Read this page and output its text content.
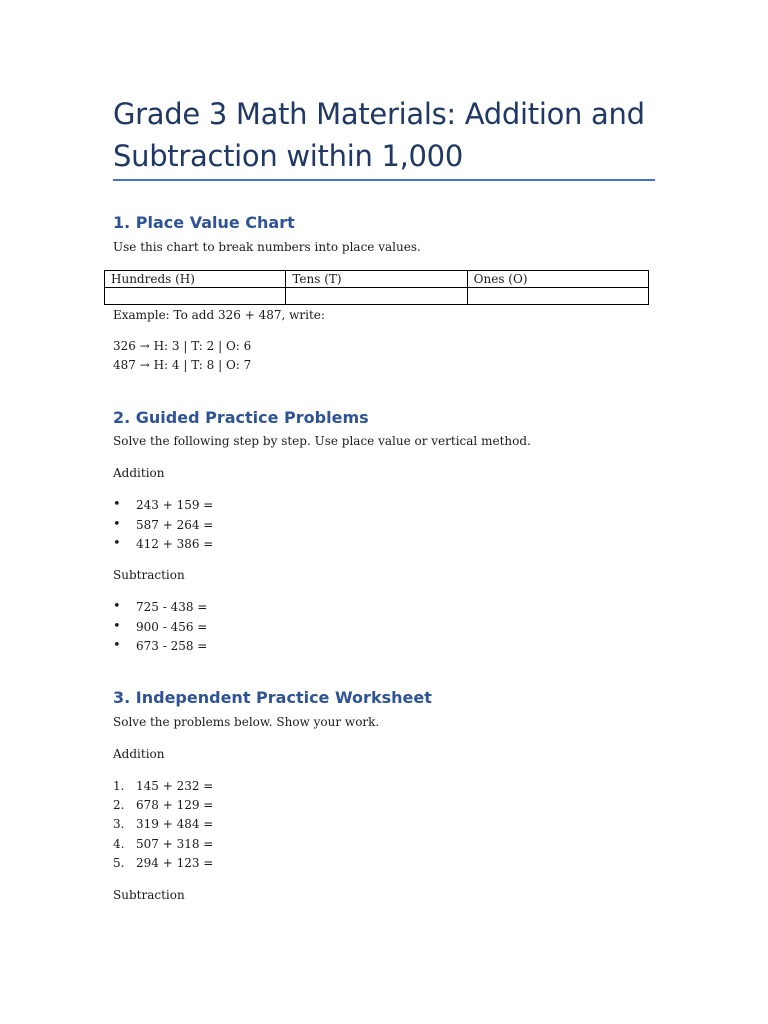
Grade 3 Math Materials: Addition and Subtraction within 1,000
1. Place Value Chart

Use this chart to break numbers into place values.

Hundreds (H)	Tens (T)	Ones (O)

Example: To add 326 + 487, write:

326 → H: 3 | T: 2 | O: 6

487 → H: 4 | T: 8 | O: 7

2. Guided Practice Problems

Solve the following step by step. Use place value or vertical method.

Addition

• 243 + 159 =
• 587 + 264 =
• 412 + 386 =

Subtraction

• 725 - 438 =
• 900 - 456 =
• 673 - 258 =
3. Independent Practice Worksheet

Solve the problems below. Show your work.

Addition

1. 145 + 232 =
2. 678 + 129 =
3. 319 + 484 =
4. 507 + 318 =
5. 294 + 123 =

Subtraction
